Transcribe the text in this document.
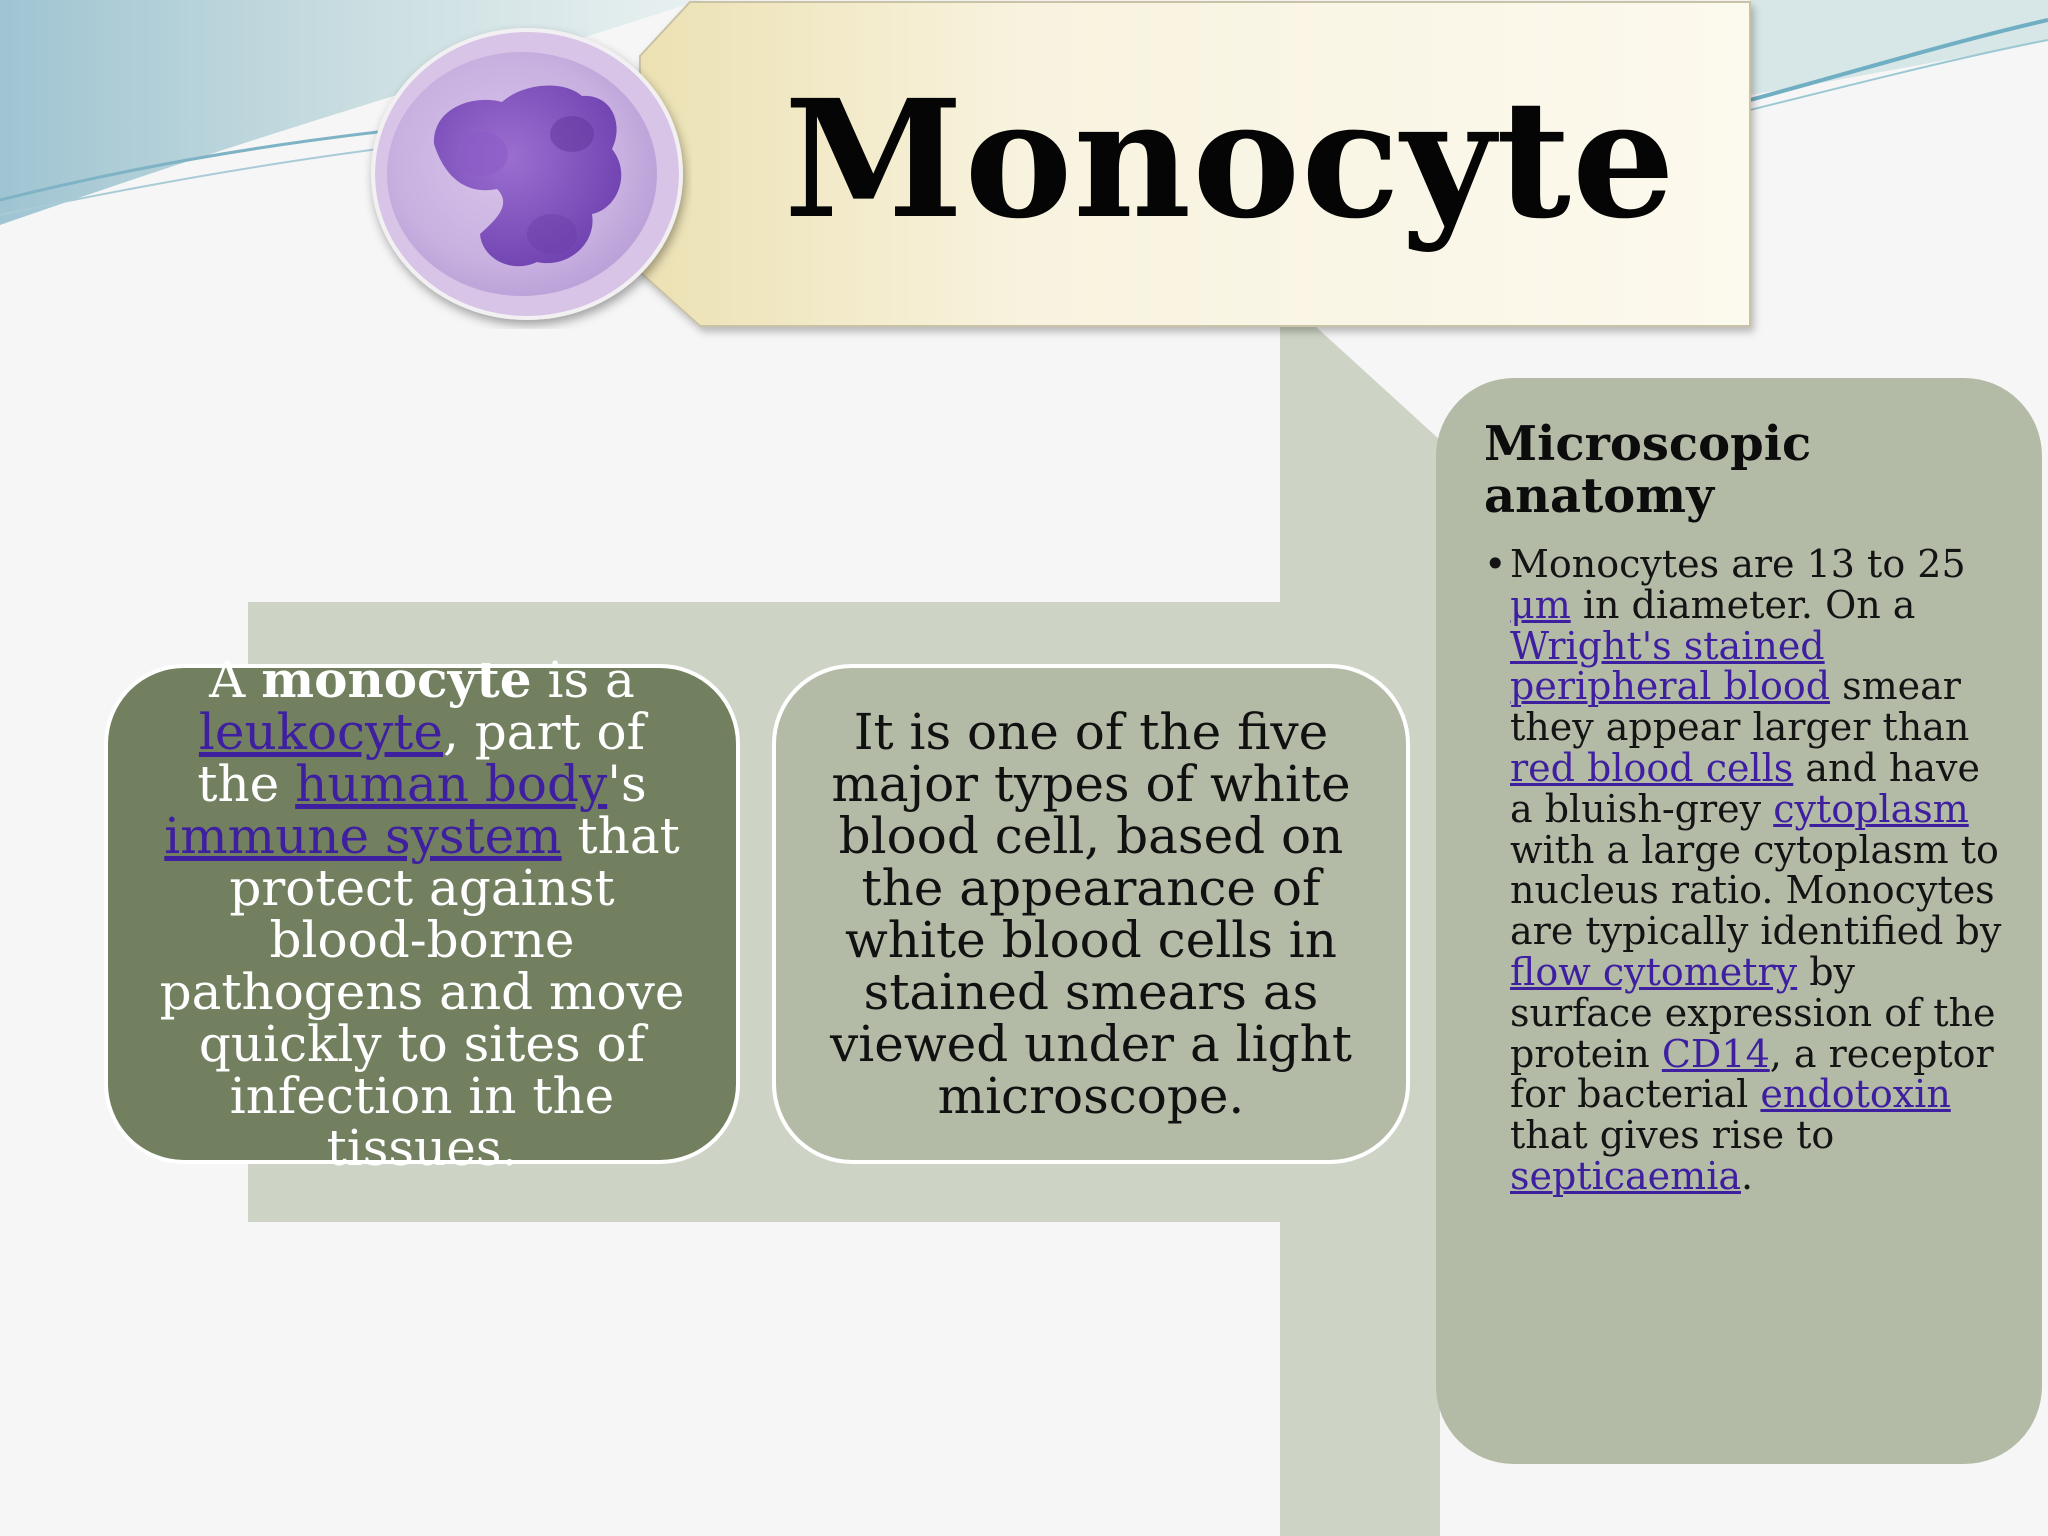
Monocyte
A monocyte is a leukocyte, part of the human body's immune system that protect against blood-borne pathogens and move quickly to sites of infection in the tissues.
It is one of the five major types of white blood cell, based on the appearance of white blood cells in stained smears as viewed under a light microscope.
Microscopic anatomy
• Monocytes are 13 to 25 μm in diameter. On a Wright's stained peripheral blood smear they appear larger than red blood cells and have a bluish-grey cytoplasm with a large cytoplasm to nucleus ratio. Monocytes are typically identified by flow cytometry by surface expression of the protein CD14, a receptor for bacterial endotoxin that gives rise to septicaemia.
